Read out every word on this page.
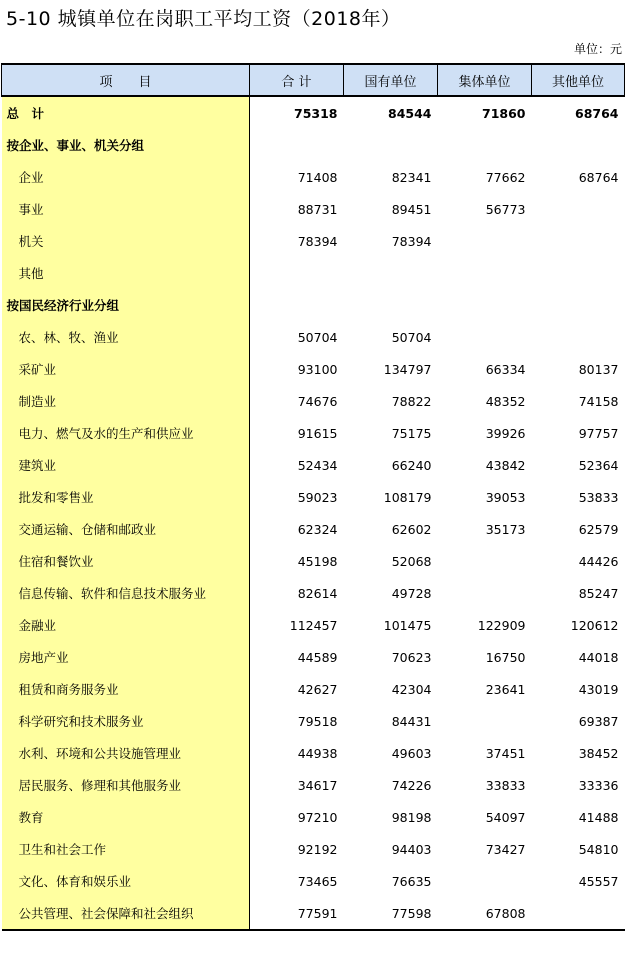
5-10 城镇单位在岗职工平均工资（2018年）
单位：元
项　　目	合 计	国有单位	集体单位	其他单位
总　计	75318	84544	71860	68764
按企业、事业、机关分组				
企业	71408	82341	77662	68764
事业	88731	89451	56773	
机关	78394	78394		
其他				
按国民经济行业分组				
农、林、牧、渔业	50704	50704		
采矿业	93100	134797	66334	80137
制造业	74676	78822	48352	74158
电力、燃气及水的生产和供应业	91615	75175	39926	97757
建筑业	52434	66240	43842	52364
批发和零售业	59023	108179	39053	53833
交通运输、仓储和邮政业	62324	62602	35173	62579
住宿和餐饮业	45198	52068		44426
信息传输、软件和信息技术服务业	82614	49728		85247
金融业	112457	101475	122909	120612
房地产业	44589	70623	16750	44018
租赁和商务服务业	42627	42304	23641	43019
科学研究和技术服务业	79518	84431		69387
水利、环境和公共设施管理业	44938	49603	37451	38452
居民服务、修理和其他服务业	34617	74226	33833	33336
教育	97210	98198	54097	41488
卫生和社会工作	92192	94403	73427	54810
文化、体育和娱乐业	73465	76635		45557
公共管理、社会保障和社会组织	77591	77598	67808	
